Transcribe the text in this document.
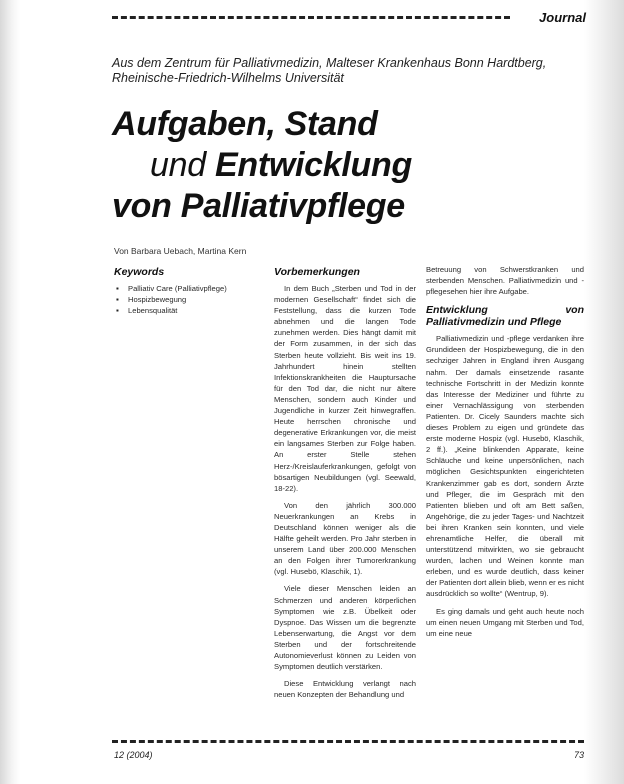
Journal
Aus dem Zentrum für Palliativmedizin, Malteser Krankenhaus Bonn Hardtberg,
Rheinische-Friedrich-Wilhelms Universität
Aufgaben, Stand
und Entwicklung
von Palliativpflege
Von Barbara Uebach, Martina Kern
Keywords
▪ Palliativ Care (Palliativpflege)
▪ Hospizbewegung
▪ Lebensqualität
Vorbemerkungen

In dem Buch „Sterben und Tod in der modernen Gesellschaft“ findet sich die Feststellung, dass die kurzen Tode abnehmen und die langen Tode zunehmen werden. Dies hängt damit mit der Form zusammen, in der sich das Sterben heute vollzieht. Bis weit ins 19. Jahrhundert hinein stellten Infektionskrankheiten die Hauptursache für den Tod dar, die nicht nur ältere Menschen, sondern auch Kinder und Jugendliche in kurzer Zeit hinwegraffen. Heute herrschen chronische und degenerative Erkrankungen vor, die meist ein langsames Sterben zur Folge haben. An erster Stelle stehen Herz-/Kreislauferkrankungen, gefolgt von bösartigen Neubildungen (vgl. Seewald, 18-22).

Von den jährlich 300.000 Neuerkrankungen an Krebs in Deutschland können weniger als die Hälfte geheilt werden. Pro Jahr sterben in unserem Land über 200.000 Menschen an den Folgen ihrer Tumorerkrankung (vgl. Husebö, Klaschik, 1).

Viele dieser Menschen leiden an Schmerzen und anderen körperlichen Symptomen wie z.B. Übelkeit oder Dyspnoe. Das Wissen um die begrenzte Lebenserwartung, die Angst vor dem Sterben und der fortschreitende Autonomieverlust können zu Leiden von Symptomen deutlich verstärken.

Diese Entwicklung verlangt nach neuen Konzepten der Behandlung und

Betreuung von Schwerstkranken und sterbenden Menschen. Palliativmedizin und -pflegesehen hier ihre Aufgabe.

Entwicklung von Palliativmedizin und Pflege

Palliativmedizin und -pflege verdanken ihre Grundideen der Hospizbewegung, die in den sechziger Jahren in England ihren Ausgang nahm. Der damals einsetzende rasante technische Fortschritt in der Medizin konnte das Interesse der Mediziner und führte zu einer Vernachlässigung von sterbenden Patienten. Dr. Cicely Saunders machte sich dieses Problem zu eigen und gründete das erste moderne Hospiz (vgl. Husebö, Klaschik, 2 ff.). „Keine blinkenden Apparate, keine Schläuche und keine unpersönlichen, nach möglichen Gesichtspunkten eingerichteten Krankenzimmer gab es dort, sondern Ärzte und Pfleger, die im Gespräch mit den Patienten blieben und oft am Bett saßen, Angehörige, die zu jeder Tages- und Nachtzeit bei ihren Kranken sein konnten, und viele ehrenamtliche Helfer, die überall mit unterstützend mitwirkten, wo sie gebraucht wurden, lachen und Weinen konnte man erleben, und es wurde deutlich, dass keiner der Patienten dort allein blieb, wenn er es nicht ausdrücklich so wollte“ (Wentrup, 9).

Es ging damals und geht auch heute noch um einen neuen Umgang mit Sterben und Tod, um eine neue

12 (2004)	73
